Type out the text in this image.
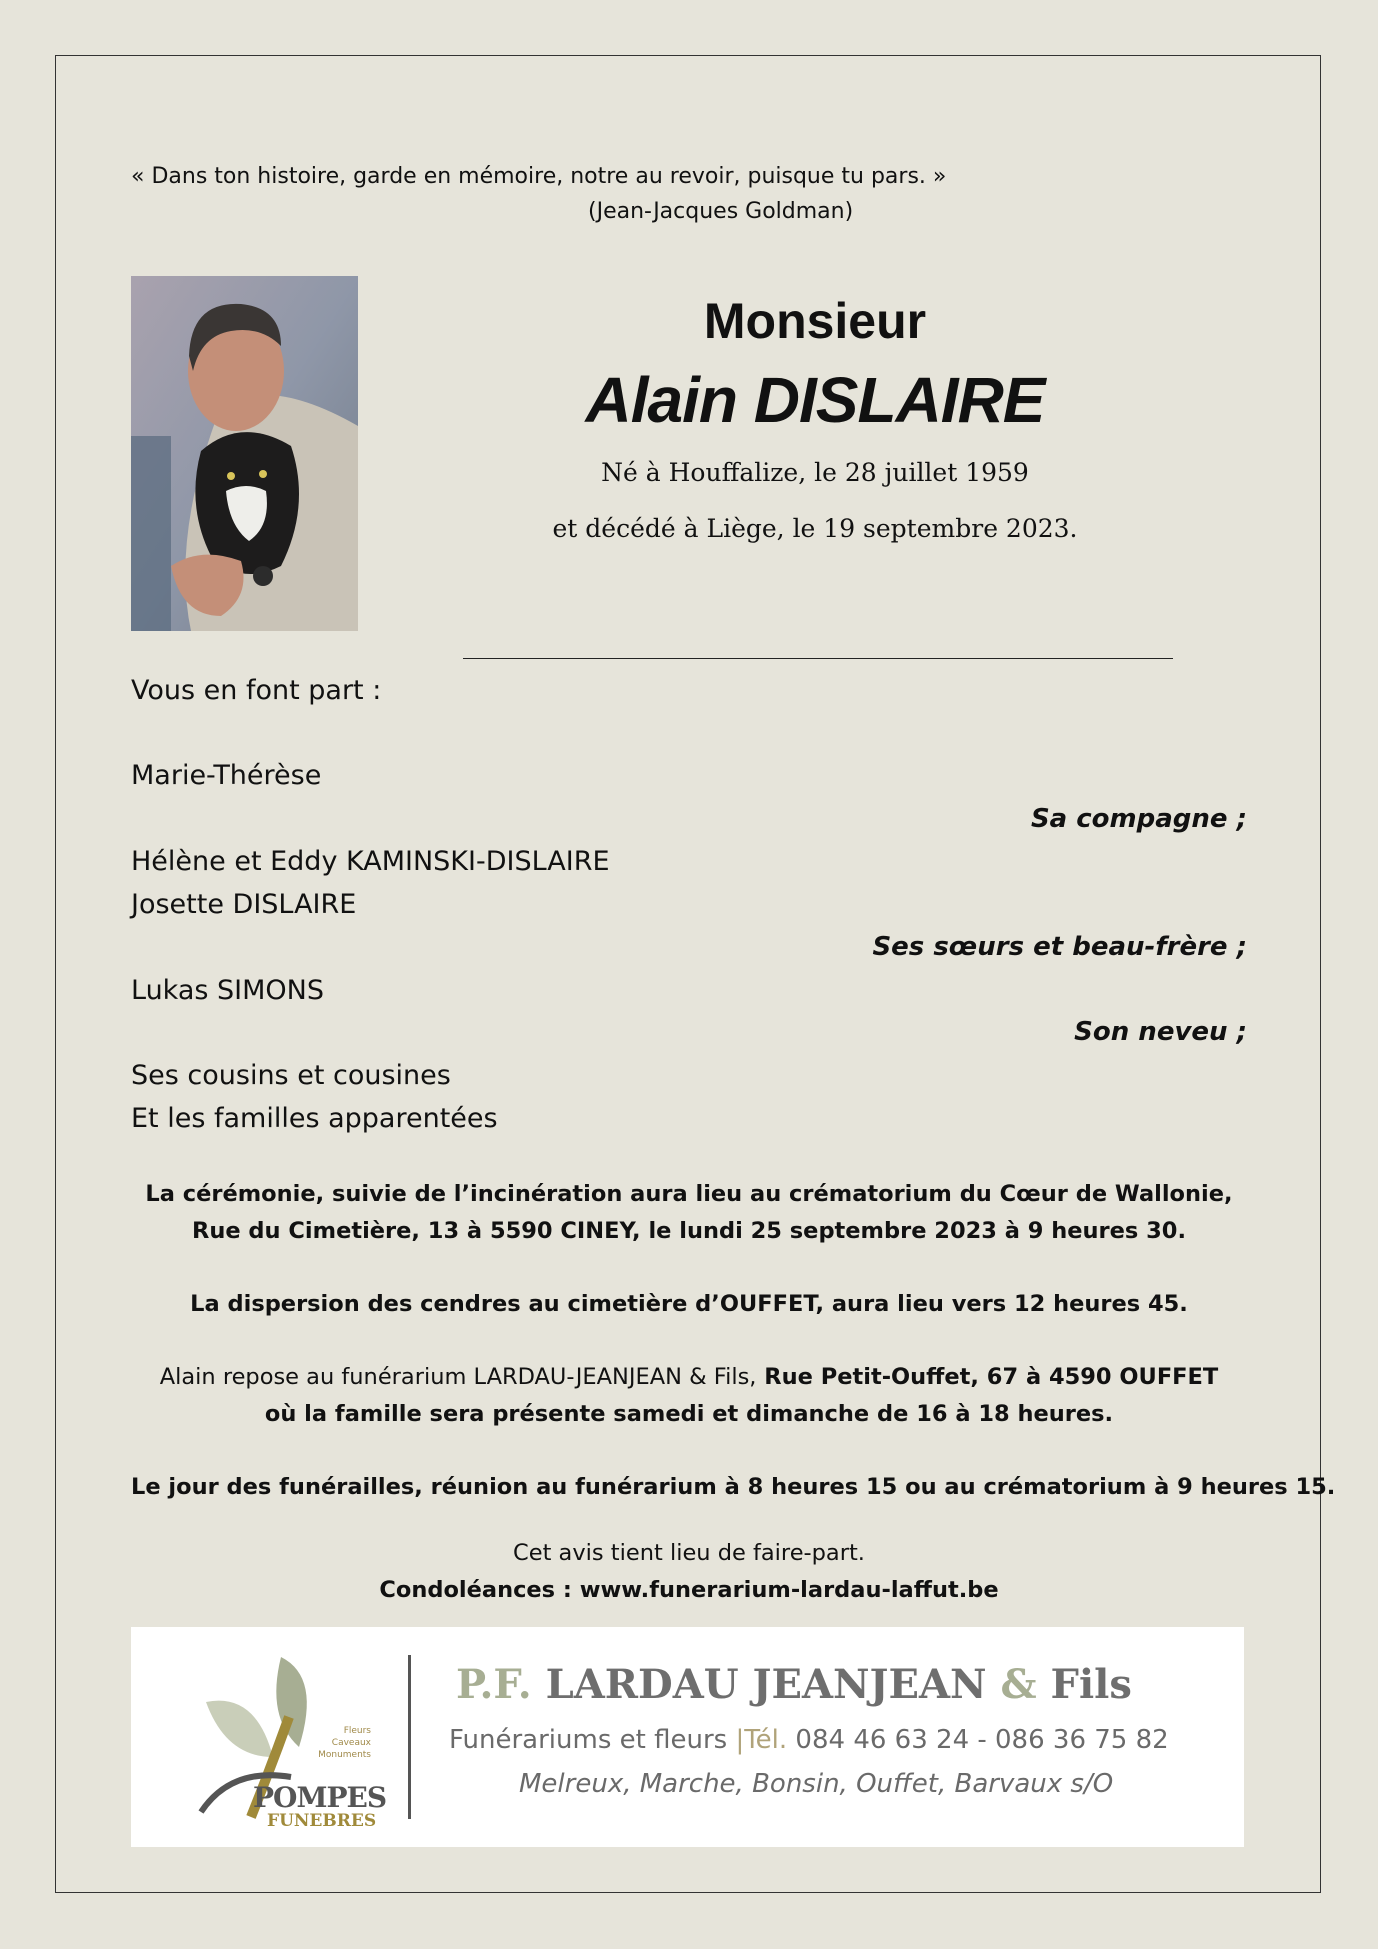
« Dans ton histoire, garde en mémoire, notre au revoir, puisque tu pars. »
(Jean-Jacques Goldman)
Monsieur
Alain DISLAIRE
Né à Houffalize, le 28 juillet 1959
et décédé à Liège, le 19 septembre 2023.
Vous en font part :
Marie-Thérèse
Sa compagne ;
Hélène et Eddy KAMINSKI-DISLAIRE
Josette DISLAIRE
Ses sœurs et beau-frère ;
Lukas SIMONS
Son neveu ;
Ses cousins et cousines
Et les familles apparentées
La cérémonie, suivie de l’incinération aura lieu au crématorium du Cœur de Wallonie,
Rue du Cimetière, 13 à 5590 CINEY, le lundi 25 septembre 2023 à 9 heures 30.
La dispersion des cendres au cimetière d’OUFFET, aura lieu vers 12 heures 45.
Alain repose au funérarium LARDAU-JEANJEAN & Fils, Rue Petit-Ouffet, 67 à 4590 OUFFET
où la famille sera présente samedi et dimanche de 16 à 18 heures.
Le jour des funérailles, réunion au funérarium à 8 heures 15 ou au crématorium à 9 heures 15.
Cet avis tient lieu de faire-part.
Condoléances : www.funerarium-lardau-laffut.be
Fleurs
Caveaux
Monuments
POMPES
FUNEBRES
P.F. LARDAU JEANJEAN & Fils
Funérariums et fleurs |Tél. 084 46 63 24 - 086 36 75 82
Melreux, Marche, Bonsin, Ouffet, Barvaux s/O
